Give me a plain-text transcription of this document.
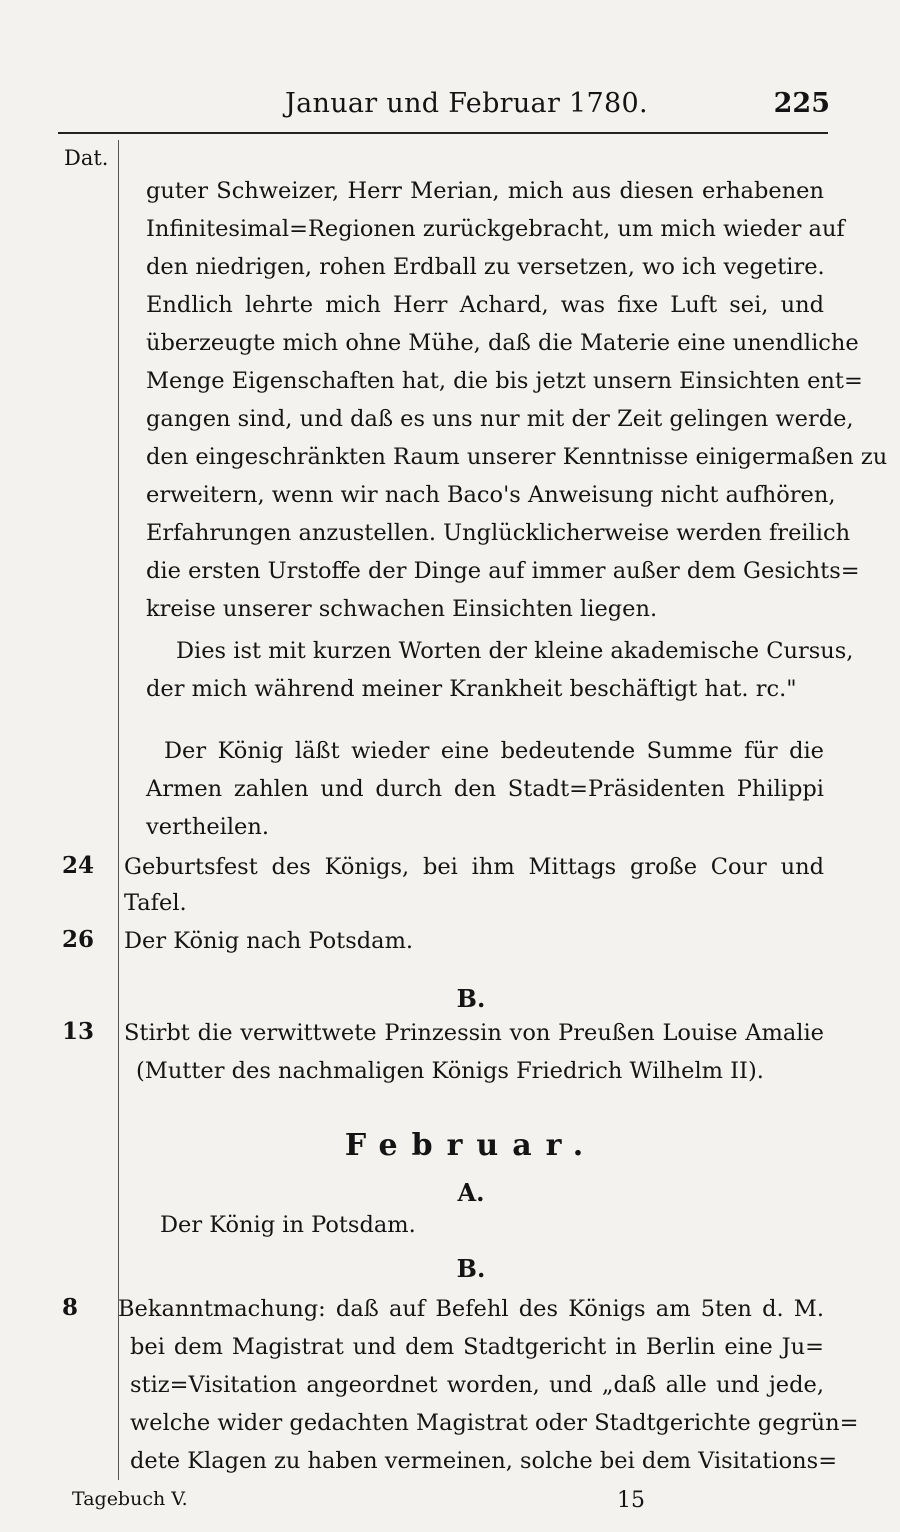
Januar und Februar 1780.	225
Dat.
guter Schweizer, Herr Merian, mich aus diesen erhabenen
Infinitesimal=Regionen zurückgebracht, um mich wieder auf
den niedrigen, rohen Erdball zu versetzen, wo ich vegetire.
Endlich lehrte mich Herr Achard, was fixe Luft sei, und
überzeugte mich ohne Mühe, daß die Materie eine unendliche
Menge Eigenschaften hat, die bis jetzt unsern Einsichten ent=
gangen sind, und daß es uns nur mit der Zeit gelingen werde,
den eingeschränkten Raum unserer Kenntnisse einigermaßen zu
erweitern, wenn wir nach Baco's Anweisung nicht aufhören,
Erfahrungen anzustellen. Unglücklicherweise werden freilich
die ersten Urstoffe der Dinge auf immer außer dem Gesichts=
kreise unserer schwachen Einsichten liegen.
Dies ist mit kurzen Worten der kleine akademische Cursus,
der mich während meiner Krankheit beschäftigt hat. rc."
Der König läßt wieder eine bedeutende Summe für die
Armen zahlen und durch den Stadt=Präsidenten Philippi
vertheilen.
24 Geburtsfest des Königs, bei ihm Mittags große Cour und
Tafel.
26 Der König nach Potsdam.
B.
13 Stirbt die verwittwete Prinzessin von Preußen Louise Amalie
(Mutter des nachmaligen Königs Friedrich Wilhelm II).
Februar.
A.
Der König in Potsdam.
B.
8 Bekanntmachung: daß auf Befehl des Königs am 5ten d. M.
bei dem Magistrat und dem Stadtgericht in Berlin eine Ju=
stiz=Visitation angeordnet worden, und „daß alle und jede,
welche wider gedachten Magistrat oder Stadtgerichte gegrün=
dete Klagen zu haben vermeinen, solche bei dem Visitations=
Tagebuch V.	15
